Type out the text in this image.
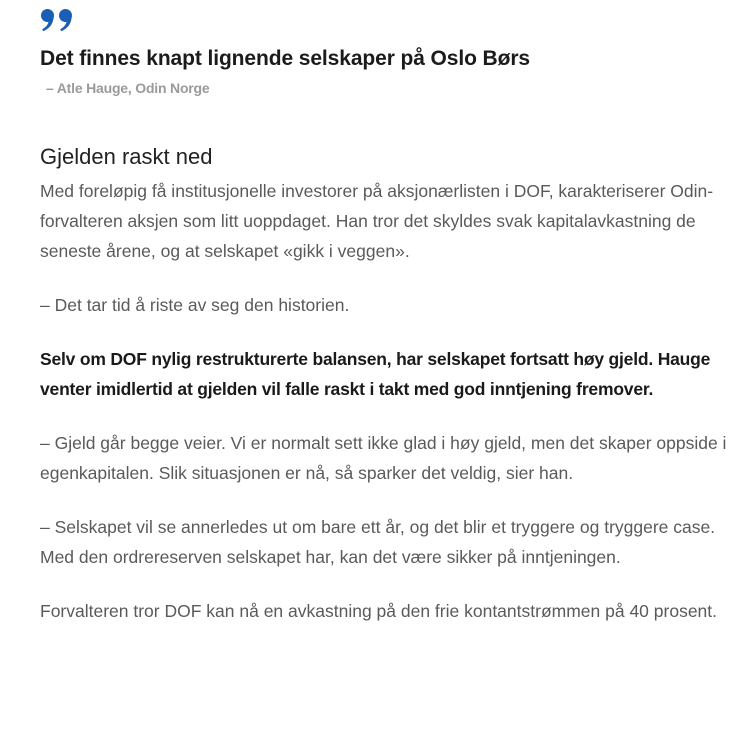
Det finnes knapt lignende selskaper på Oslo Børs
– Atle Hauge, Odin Norge
Gjelden raskt ned

Med foreløpig få institusjonelle investorer på aksjonærlisten i DOF, karakteriserer Odin-forvalteren aksjen som litt uoppdaget. Han tror det skyldes svak kapitalavkastning de seneste årene, og at selskapet «gikk i veggen».

– Det tar tid å riste av seg den historien.

Selv om DOF nylig restrukturerte balansen, har selskapet fortsatt høy gjeld. Hauge venter imidlertid at gjelden vil falle raskt i takt med god inntjening fremover.

– Gjeld går begge veier. Vi er normalt sett ikke glad i høy gjeld, men det skaper oppside i egenkapitalen. Slik situasjonen er nå, så sparker det veldig, sier han.

– Selskapet vil se annerledes ut om bare ett år, og det blir et tryggere og tryggere case. Med den ordrereserven selskapet har, kan det være sikker på inntjeningen.

Forvalteren tror DOF kan nå en avkastning på den frie kontantstrømmen på 40 prosent.
